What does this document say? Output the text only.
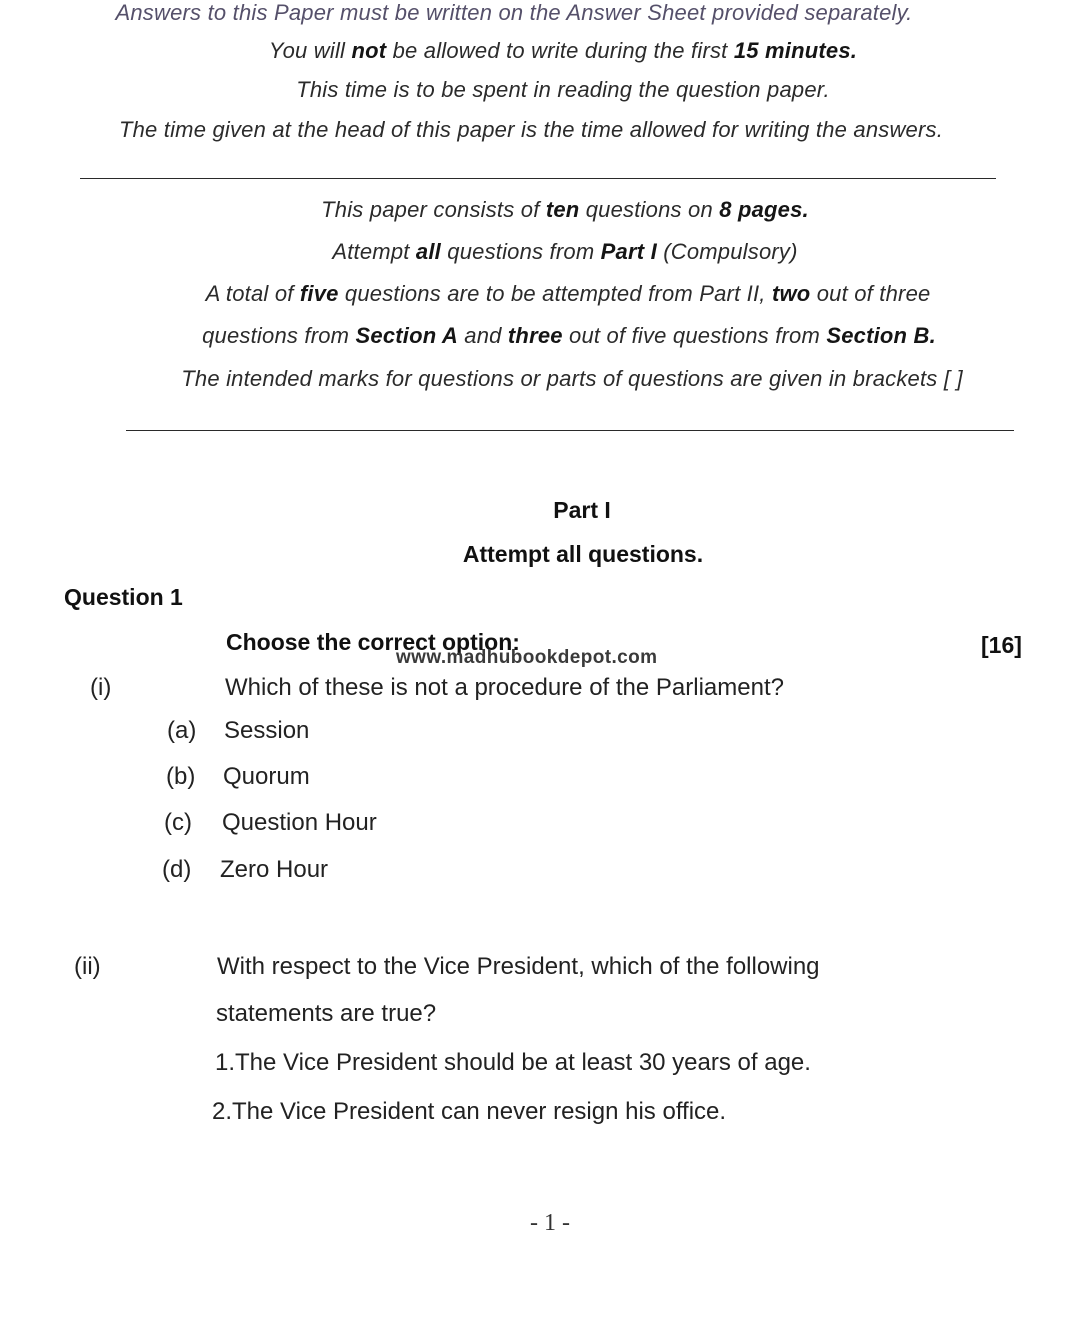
Answers to this Paper must be written on the Answer Sheet provided separately.
You will not be allowed to write during the first 15 minutes.
This time is to be spent in reading the question paper.
The time given at the head of this paper is the time allowed for writing the answers.
This paper consists of ten questions on 8 pages.
Attempt all questions from Part I (Compulsory)
A total of five questions are to be attempted from Part II, two out of three
questions from Section A and three out of five questions from Section B.
The intended marks for questions or parts of questions are given in brackets [ ]
Part I
Attempt all questions.
Question 1
Choose the correct option:	[16]
www.madhubookdepot.com
(i)	Which of these is not a procedure of the Parliament?
(a) Session
(b) Quorum
(c) Question Hour
(d) Zero Hour
(ii)	With respect to the Vice President, which of the following
statements are true?
1.The Vice President should be at least 30 years of age.
2.The Vice President can never resign his office.
- 1 -
